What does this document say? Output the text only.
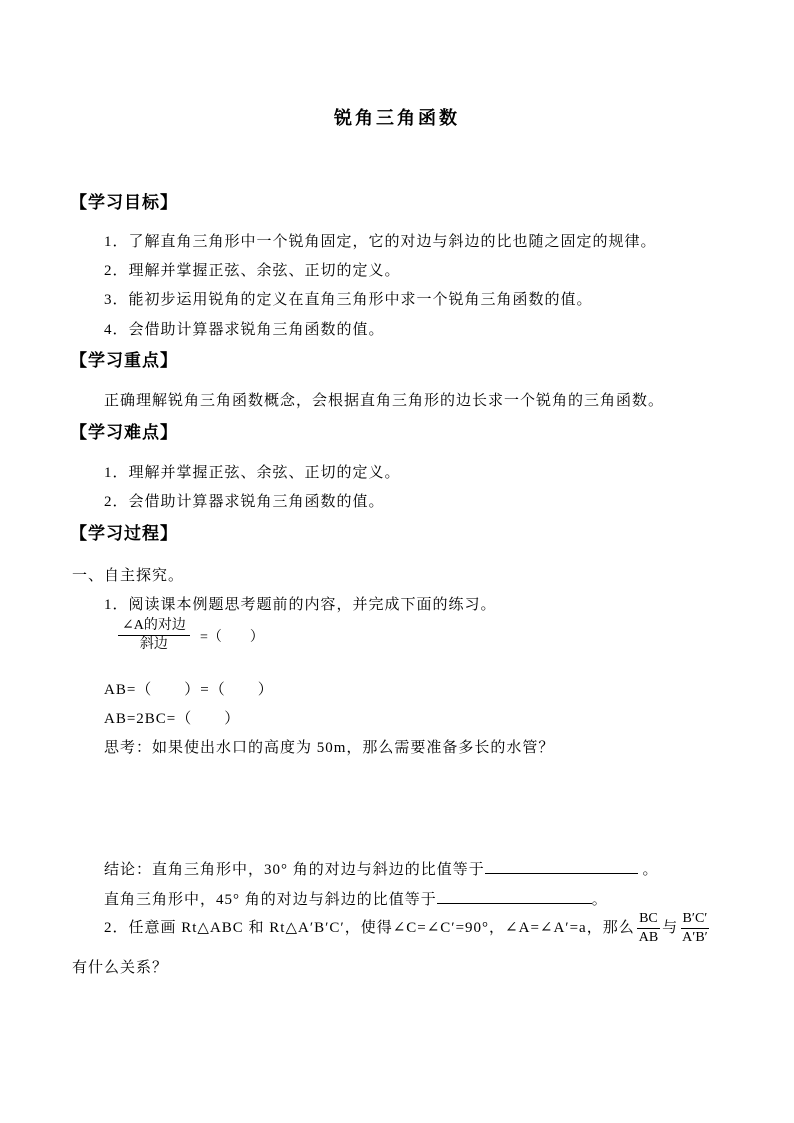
锐角三角函数
【学习目标】
1．了解直角三角形中一个锐角固定，它的对边与斜边的比也随之固定的规律。
2．理解并掌握正弦、余弦、正切的定义。
3．能初步运用锐角的定义在直角三角形中求一个锐角三角函数的值。
4．会借助计算器求锐角三角函数的值。
【学习重点】
正确理解锐角三角函数概念，会根据直角三角形的边长求一个锐角的三角函数。
【学习难点】
1．理解并掌握正弦、余弦、正切的定义。
2．会借助计算器求锐角三角函数的值。
【学习过程】
一、自主探究。
1．阅读课本例题思考题前的内容，并完成下面的练习。
∠A的对边
斜边 =（　　）
AB=（　　）=（　　）
AB=2BC=（　　）
思考：如果使出水口的高度为 50m，那么需要准备多长的水管？
结论：直角三角形中，30° 角的对边与斜边的比值等于	。
直角三角形中，45° 角的对边与斜边的比值等于	。
2．任意画 Rt△ABC 和 Rt△A′B′C′，使得∠C=∠C′=90°，∠A=∠A′=a，那么 $\frac{BC}{AB}$ 与 $\frac{B'C'}{A'B'}$
有什么关系？
